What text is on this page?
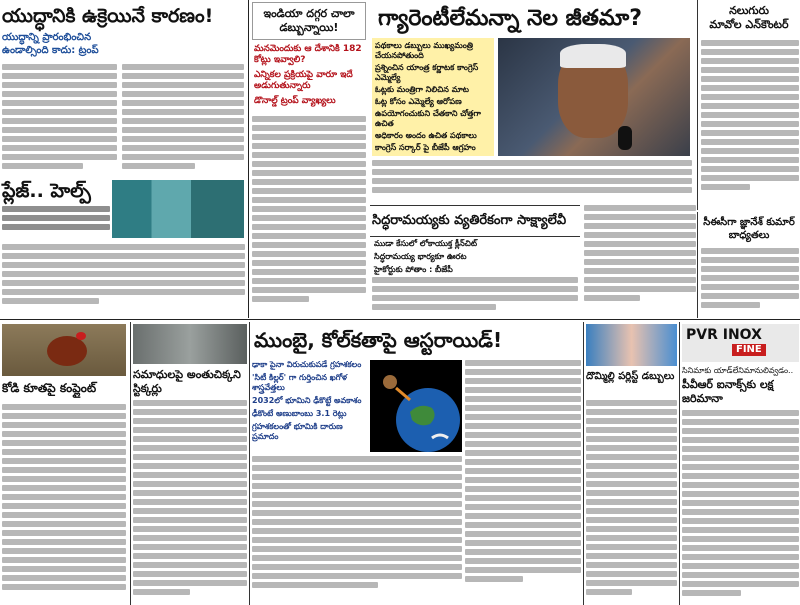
యుద్ధానికి ఉక్రెయినే కారణం!
యుద్ధాన్ని ప్రారంభించిన ఉండాల్సింది కాదు: ట్రంప్
ప్లేజ్.. హెల్ప్
ఇండియా దగ్గర చాలా డబ్బున్నాయి!
మనమెందుకు ఆ దేశానికి 182 కోట్లు ఇవ్వాలి?
ఎన్నికల ప్రక్రియపై వారూ ఇదే అడుగుతున్నారు
డొనాల్డ్ ట్రంప్ వ్యాఖ్యలు
గ్యారెంటీలేమన్నా నెల జీతమా?
పథకాలు డబ్బులు ముఖ్యమంత్రి చేయనపోతుంది
ప్రశ్నించిన యాంత్ర కర్ణాటక కాంగ్రెస్ ఎమ్మెల్యే
ఓట్లకు మంత్రిగా నిలిచిన మాట
ఓట్ల కోసం ఎమ్మెల్యే ఆరోపణ
ఉపయోగంచుకుని చేతకాని చోత్తగా ఉచిత
అధికారం అందం ఉచిత పథకాలు
కాంగ్రెస్ సర్కార్ పై బీజేపీ ఆగ్రహం
సిద్ధరామయ్యకు వ్యతిరేకంగా సాక్ష్యాలేవీ
ముడా కేసులో లోకాయుక్త క్లీన్‌చిట్
సిద్ధరామయ్య భార్యకూ ఊరట
హైకోర్టుకు పోతాం : బీజేపీ
నలుగురు
మావోల ఎన్‌కౌంటర్
సీఈసీగా జ్ఞానేశ్ కుమార్ బాధ్యతలు
కోడి కూతపై కంప్లైంట్
సమాధులపై అంతుచిక్కని స్టిక్కర్లు
ముంబై, కోల్‌కతాపై ఆస్టరాయిడ్!
ఢాకా పైనా విరుచుకుపడే గ్రహశకలం
'సిటీ కిల్లర్' గా గుర్తించిన ఖగోళ శాస్త్రవేత్తలు
2032లో భూమిని ఢీకొట్టే అవకాశం
ఢీకొంటే అణుబాంబు 3.1 రెట్లు
గ్రహశకలంతో భూమికి దారుణ ప్రమాదం
దొమ్మిల్లి పర్లిస్ట్ డబ్బులు
PVR INOX
FINE
సినిమాకు యాడ్‌లేనిమానులివ్వడం..
పీవీఆర్ ఐనాక్స్‌కు లక్ష జరిమానా
